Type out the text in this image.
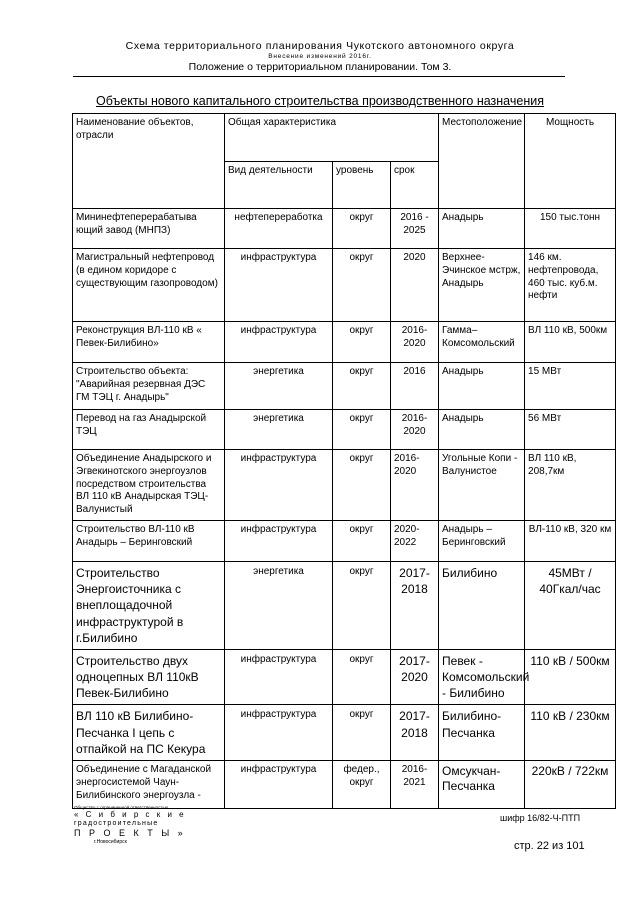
Схема территориального планирования Чукотского автономного округа
Внесение изменений 2016г.
Положение о территориальном планировании. Том 3.
Объекты нового капитального строительства производственного назначения
Наименование объектов, отрасли	Общая характеристика			Местоположение	Мощность
	Вид деятельности	уровень	срок		
Мининефтеперерабатыва ющий завод (МНПЗ)	нефтепереработка	округ	2016 - 2025	Анадырь	150 тыс.тонн
Магистральный нефтепровод (в едином коридоре с существующим газопроводом)	инфраструктура	округ	2020	Верхнее-Эчинское мстрж, Анадырь	146 км. нефтепровода, 460 тыс. куб.м. нефти
Реконструкция ВЛ-110 кВ « Певек-Билибино»	инфраструктура	округ	2016-2020	Гамма– Комсомольский	ВЛ 110 кВ, 500км
Строительство объекта: "Аварийная резервная ДЭС ГМ ТЭЦ г. Анадырь"	энергетика	округ	2016	Анадырь	15 МВт
Перевод на газ Анадырской ТЭЦ	энергетика	округ	2016-2020	Анадырь	56 МВт
Объединение Анадырского и Эгвекинотского энергоузлов посредством строительства ВЛ 110 кВ Анадырская ТЭЦ-Валунистый	инфраструктура	округ	2016-2020	Угольные Копи - Валунистое	ВЛ 110 кВ, 208,7км
Строительство ВЛ-110 кВ Анадырь – Беринговский	инфраструктура	округ	2020-2022	Анадырь – Беринговский	ВЛ-110 кВ, 320 км
Строительство Энергоисточника с внеплощадочной инфраструктурой в г.Билибино	энергетика	округ	2017-2018	Билибино	45МВт / 40Гкал/час
Строительство двух одноцепных ВЛ 110кВ Певек-Билибино	инфраструктура	округ	2017-2020	Певек - Комсомольский - Билибино	110 кВ / 500км
ВЛ 110 кВ Билибино-Песчанка I цепь с отпайкой на ПС Кекура	инфраструктура	округ	2017-2018	Билибино-Песчанка	110 кВ / 230км
Объединение с Магаданской энергосистемой Чаун-Билибинского энергоузла -	инфраструктура	федер., округ	2016-2021	Омсукчан-Песчанка	220кВ / 722км
Общество с ограниченной ответственностью
« С и б и р с к и е
градостроительные
П Р О Е К Т Ы »
г.Новосибирск
шифр 16/82-Ч-ПТП
стр. 22 из 101
